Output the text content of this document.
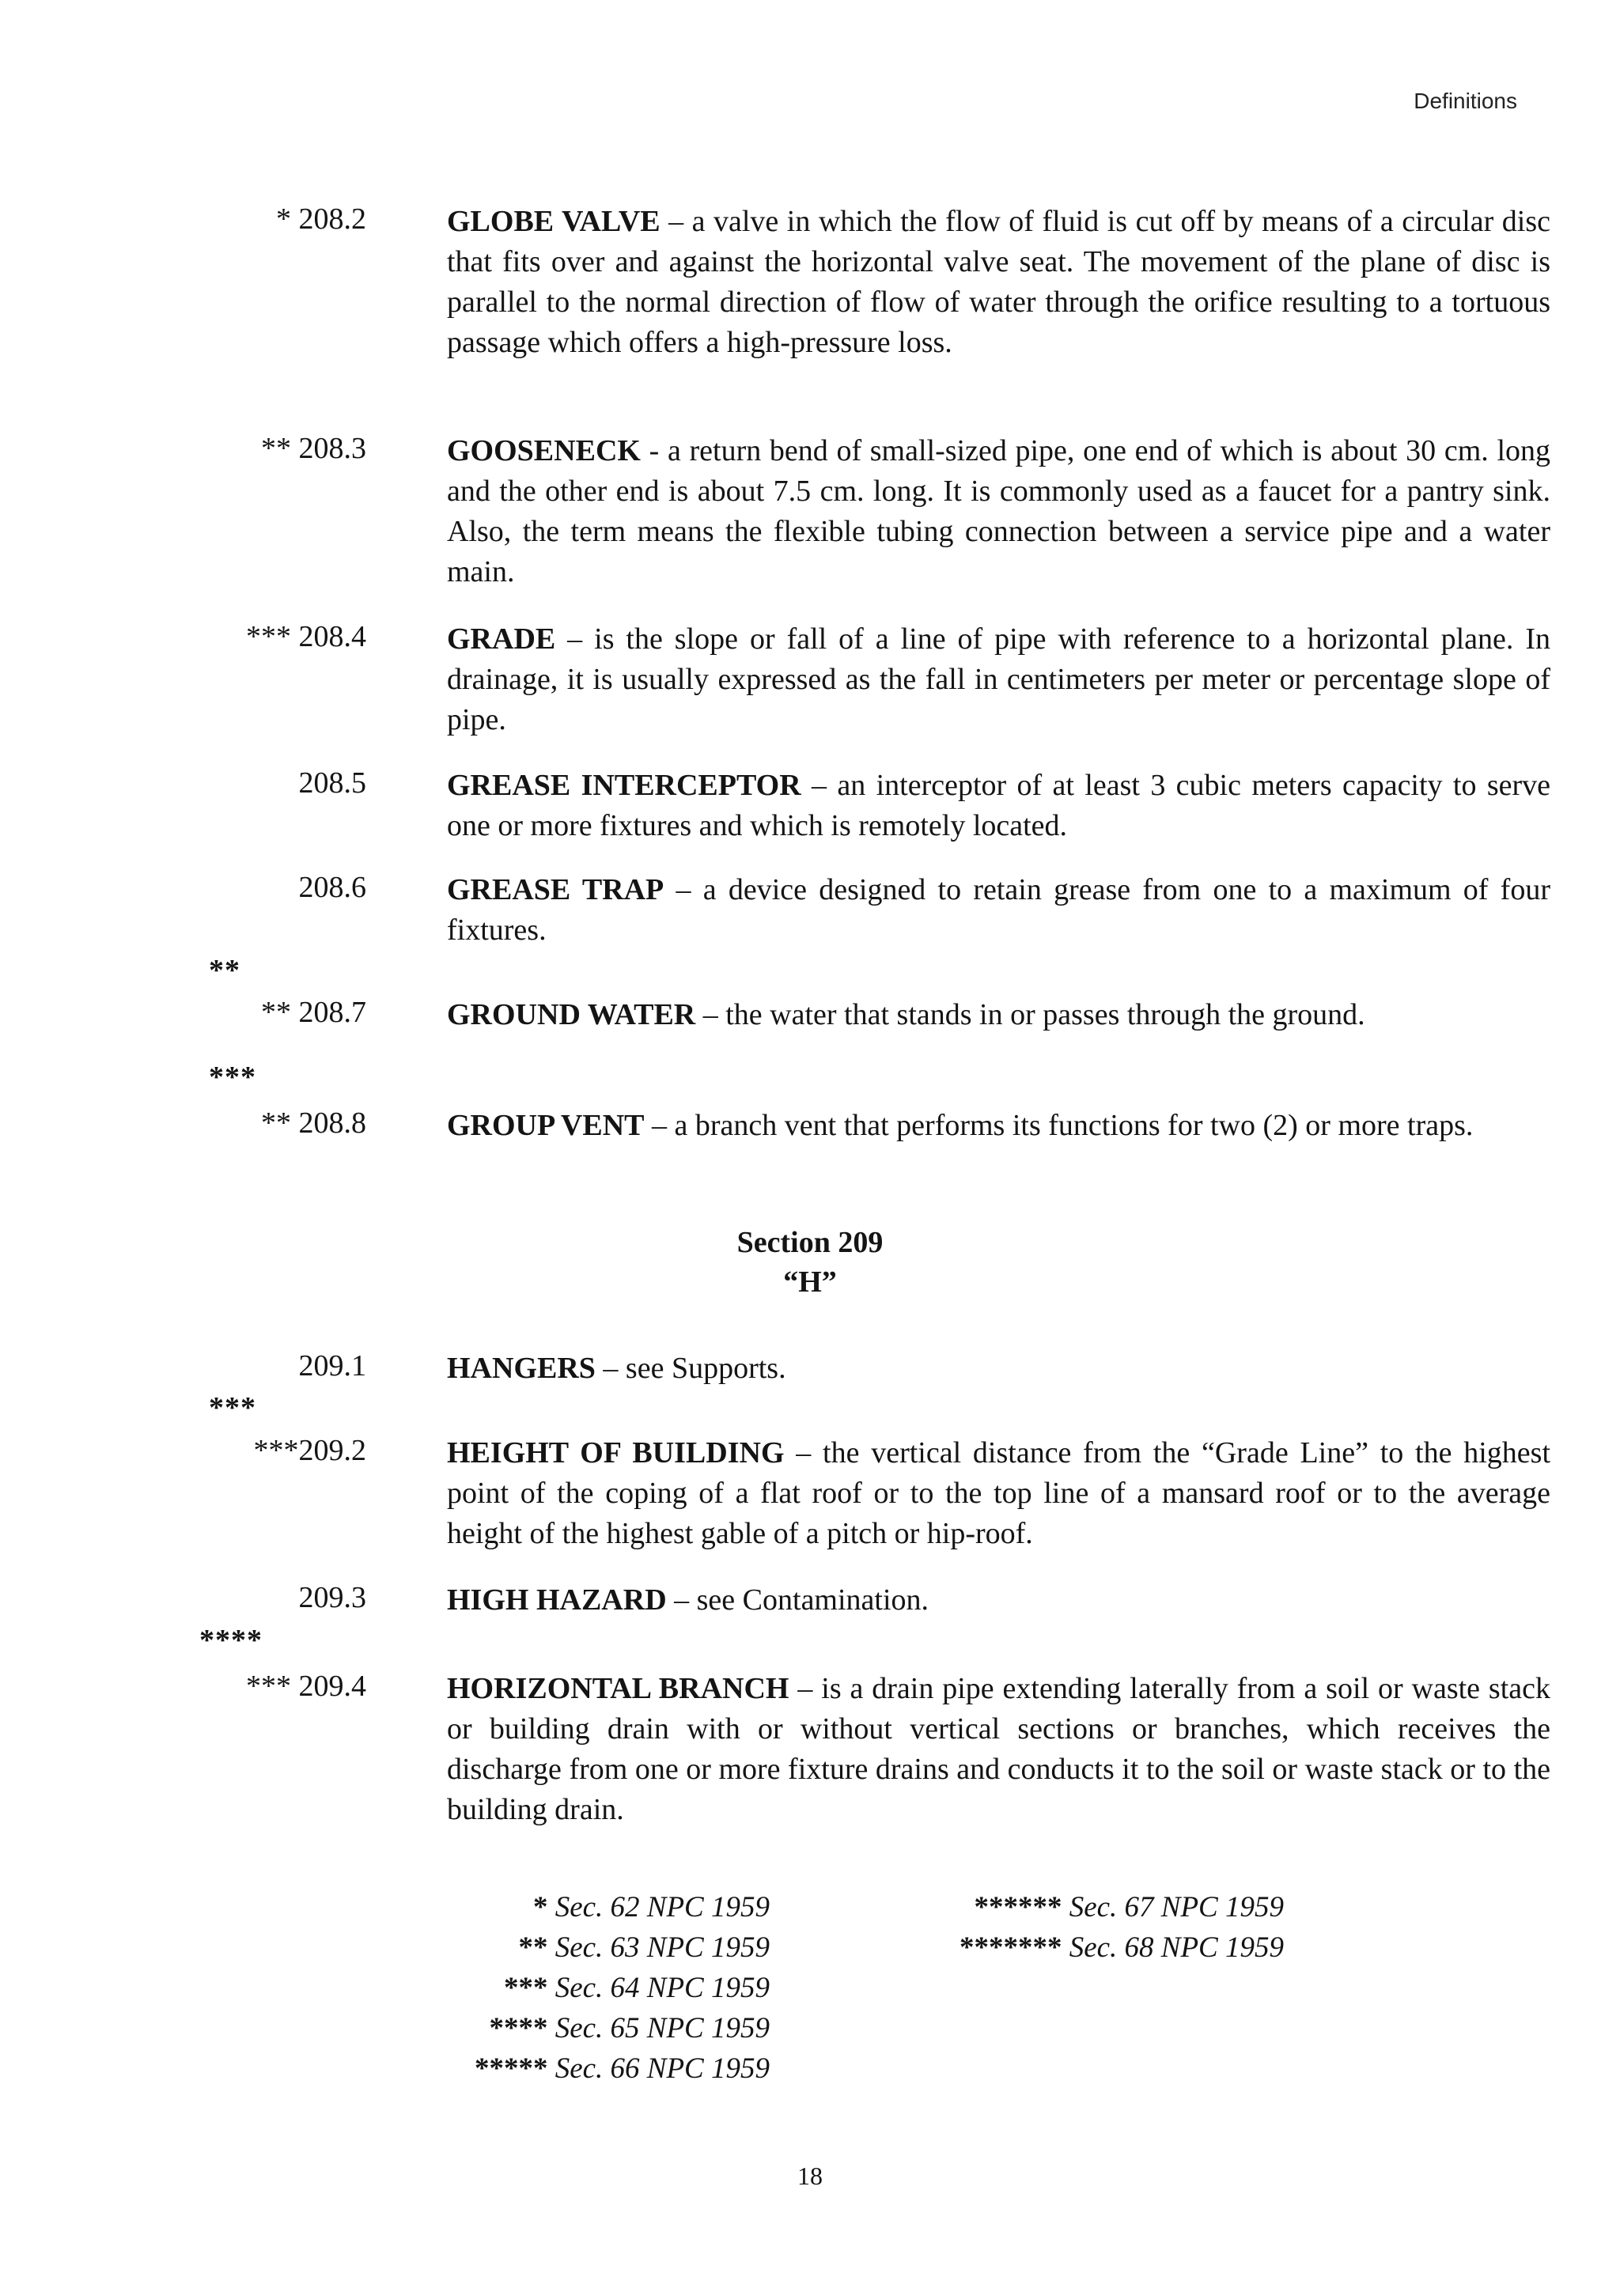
Definitions
* 208.2	GLOBE VALVE – a valve in which the flow of fluid is cut off by means of a circular disc that fits over and against the horizontal valve seat. The movement of the plane of disc is parallel to the normal direction of flow of water through the orifice resulting to a tortuous passage which offers a high-pressure loss.
** 208.3	GOOSENECK - a return bend of small-sized pipe, one end of which is about 30 cm. long and the other end is about 7.5 cm. long. It is commonly used as a faucet for a pantry sink. Also, the term means the flexible tubing connection between a service pipe and a water main.
*** 208.4	GRADE – is the slope or fall of a line of pipe with reference to a horizontal plane. In drainage, it is usually expressed as the fall in centimeters per meter or percentage slope of pipe.
208.5	GREASE INTERCEPTOR – an interceptor of at least 3 cubic meters capacity to serve one or more fixtures and which is remotely located.
208.6	GREASE TRAP – a device designed to retain grease from one to a maximum of four fixtures.
**
** 208.7	GROUND WATER – the water that stands in or passes through the ground.
***
** 208.8	GROUP VENT – a branch vent that performs its functions for two (2) or more traps.
Section 209
“H”
209.1	HANGERS – see Supports.
***
***209.2	HEIGHT OF BUILDING – the vertical distance from the “Grade Line” to the highest point of the coping of a flat roof or to the top line of a mansard roof or to the average height of the highest gable of a pitch or hip-roof.
209.3	HIGH HAZARD – see Contamination.
****
*** 209.4	HORIZONTAL BRANCH – is a drain pipe extending laterally from a soil or waste stack or building drain with or without vertical sections or branches, which receives the discharge from one or more fixture drains and conducts it to the soil or waste stack or to the building drain.
* Sec. 62 NPC 1959
** Sec. 63 NPC 1959
*** Sec. 64 NPC 1959
**** Sec. 65 NPC 1959
***** Sec. 66 NPC 1959
****** Sec. 67 NPC 1959
******* Sec. 68 NPC 1959
18
